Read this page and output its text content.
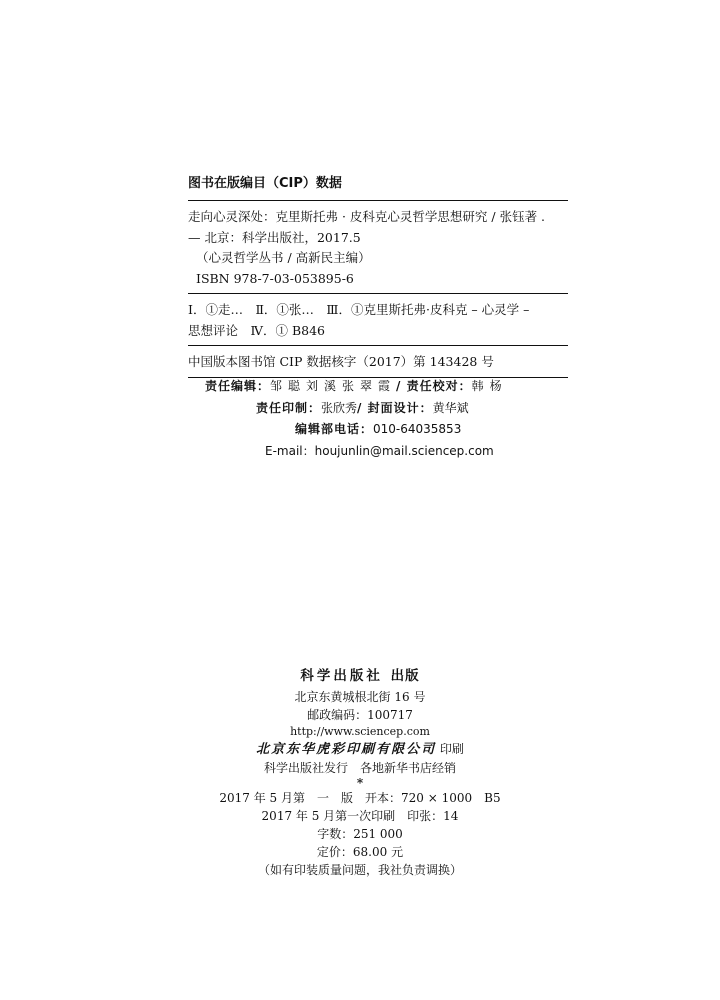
图书在版编目（CIP）数据
走向心灵深处：克里斯托弗 · 皮科克心灵哲学思想研究 / 张钰著 .
— 北京：科学出版社，2017.5
（心灵哲学丛书 / 高新民主编）
ISBN 978-7-03-053895-6
Ⅰ．①走…　Ⅱ．①张…　Ⅲ．①克里斯托弗·皮科克 – 心灵学 –
思想评论　Ⅳ．① B846
中国版本图书馆 CIP 数据核字（2017）第 143428 号
责任编辑：邹聪刘溪张翠霞/ 责任校对：韩杨
责任印制：张欣秀/ 封面设计：黄华斌
编辑部电话：010-64035853
E-mail：houjunlin@mail.sciencep.com
科学出版社 出版
北京东黄城根北街 16 号
邮政编码：100717
http://www.sciencep.com
北京东华虎彩印刷有限公司 印刷
科学出版社发行　各地新华书店经销
*
2017 年 5 月第　一　版　开本：720 × 1000　B5
2017 年 5 月第一次印刷　印张：14
字数：251 000
定价：68.00 元
（如有印装质量问题，我社负责调换）
